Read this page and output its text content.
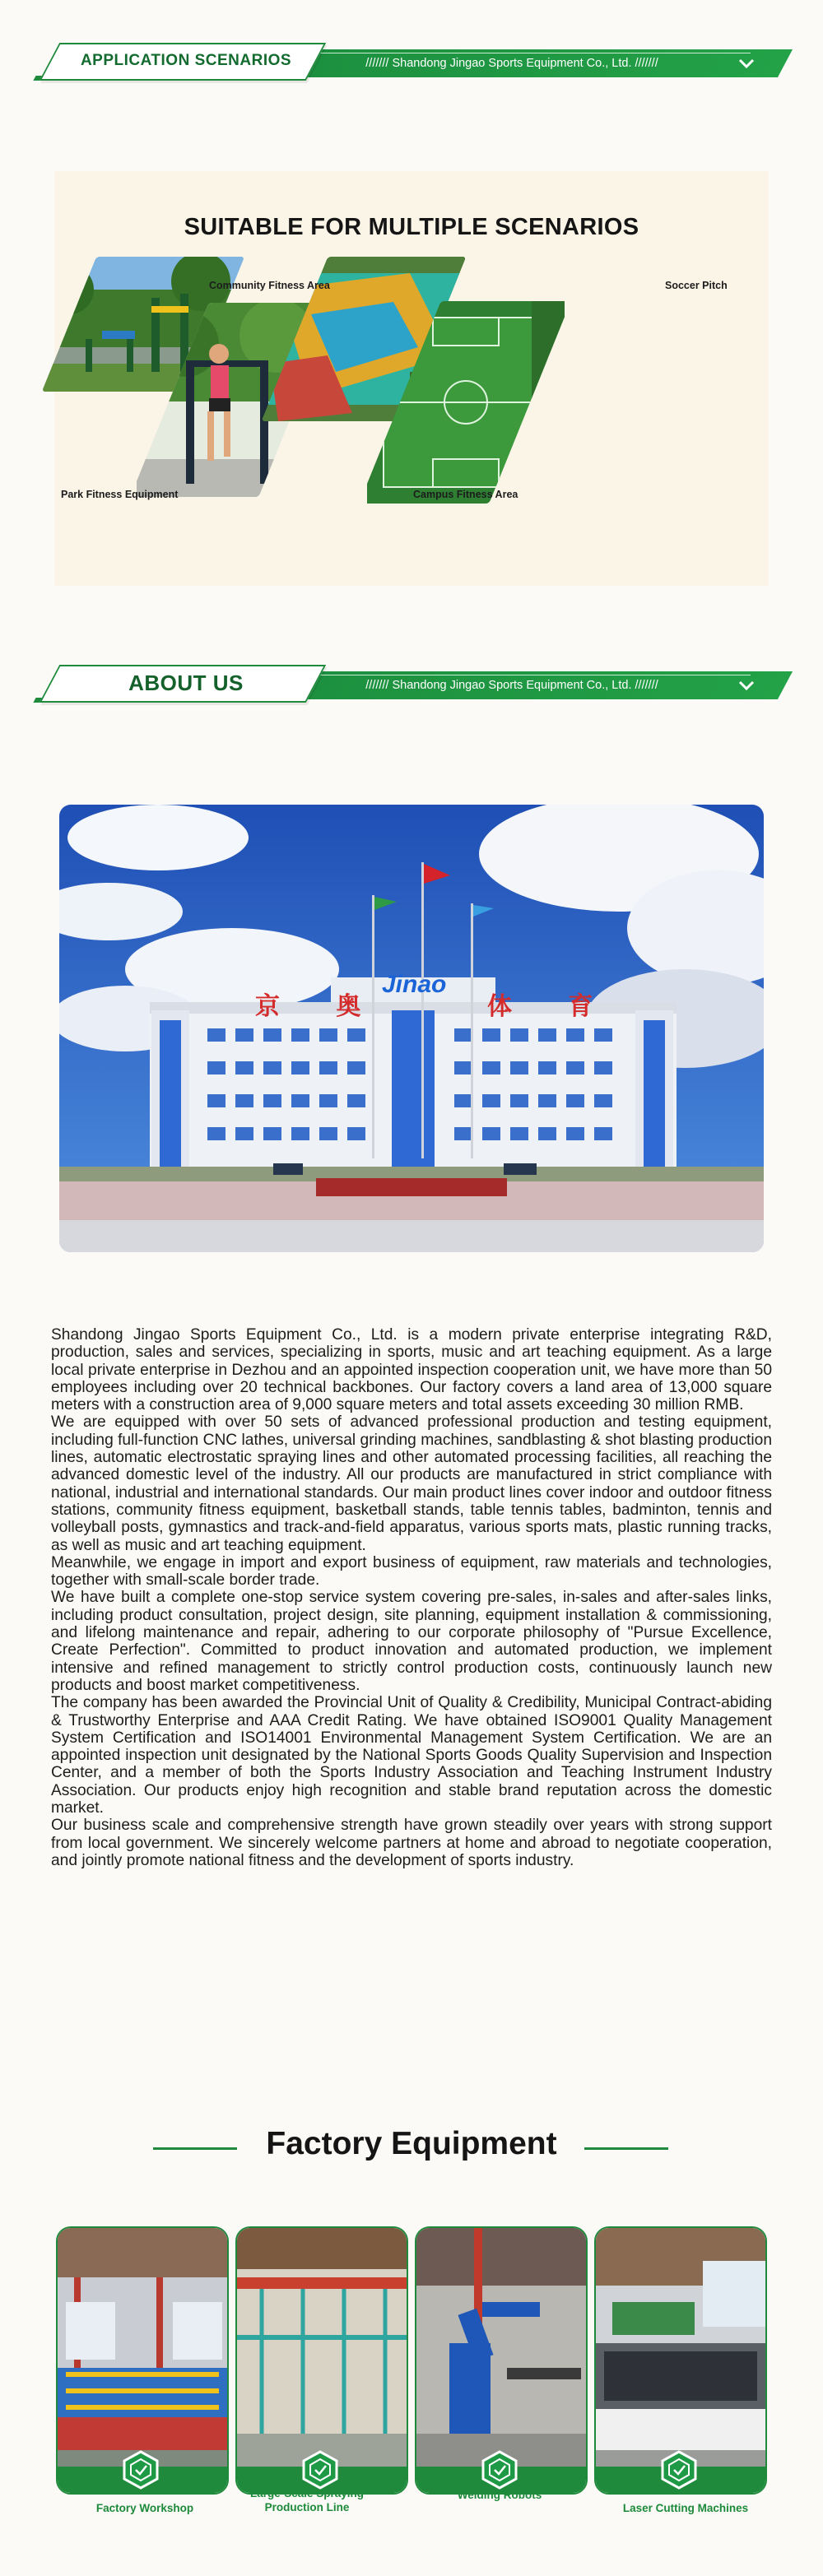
APPLICATION SCENARIOS	/////// Shandong Jingao Sports Equipment Co., Ltd. ///////
SUITABLE FOR MULTIPLE SCENARIOS
Park Fitness Equipment
Community Fitness Area
Campus Fitness Area
Soccer Pitch
ABOUT US	/////// Shandong Jingao Sports Equipment Co., Ltd. ///////
京 奥
Jinao
体 育

Shandong Jingao Sports Equipment Co., Ltd. is a modern private enterprise integrating R&D, production, sales and services, specializing in sports, music and art teaching equipment. As a large local private enterprise in Dezhou and an appointed inspection cooperation unit, we have more than 50 employees including over 20 technical backbones. Our factory covers a land area of 13,000 square meters with a construction area of 9,000 square meters and total assets exceeding 30 million RMB.

We are equipped with over 50 sets of advanced professional production and testing equipment, including full-function CNC lathes, universal grinding machines, sandblasting & shot blasting production lines, automatic electrostatic spraying lines and other automated processing facilities, all reaching the advanced domestic level of the industry. All our products are manufactured in strict compliance with national, industrial and international standards. Our main product lines cover indoor and outdoor fitness stations, community fitness equipment, basketball stands, table tennis tables, badminton, tennis and volleyball posts, gymnastics and track-and-field apparatus, various sports mats, plastic running tracks, as well as music and art teaching equipment.

Meanwhile, we engage in import and export business of equipment, raw materials and technologies, together with small-scale border trade.

We have built a complete one-stop service system covering pre-sales, in-sales and after-sales links, including product consultation, project design, site planning, equipment installation & commissioning, and lifelong maintenance and repair, adhering to our corporate philosophy of "Pursue Excellence, Create Perfection". Committed to product innovation and automated production, we implement intensive and refined management to strictly control production costs, continuously launch new products and boost market competitiveness.

The company has been awarded the Provincial Unit of Quality & Credibility, Municipal Contract-abiding & Trustworthy Enterprise and AAA Credit Rating. We have obtained ISO9001 Quality Management System Certification and ISO14001 Environmental Management System Certification. We are an appointed inspection unit designated by the National Sports Goods Quality Supervision and Inspection Center, and a member of both the Sports Industry Association and Teaching Instrument Industry Association. Our products enjoy high recognition and stable brand reputation across the domestic market.

Our business scale and comprehensive strength have grown steadily over years with strong support from local government. We sincerely welcome partners at home and abroad to negotiate cooperation, and jointly promote national fitness and the development of sports industry.

Factory Equipment
Factory Workshop
Large-Scale Spraying Production Line
Welding Robots
Laser Cutting Machines
